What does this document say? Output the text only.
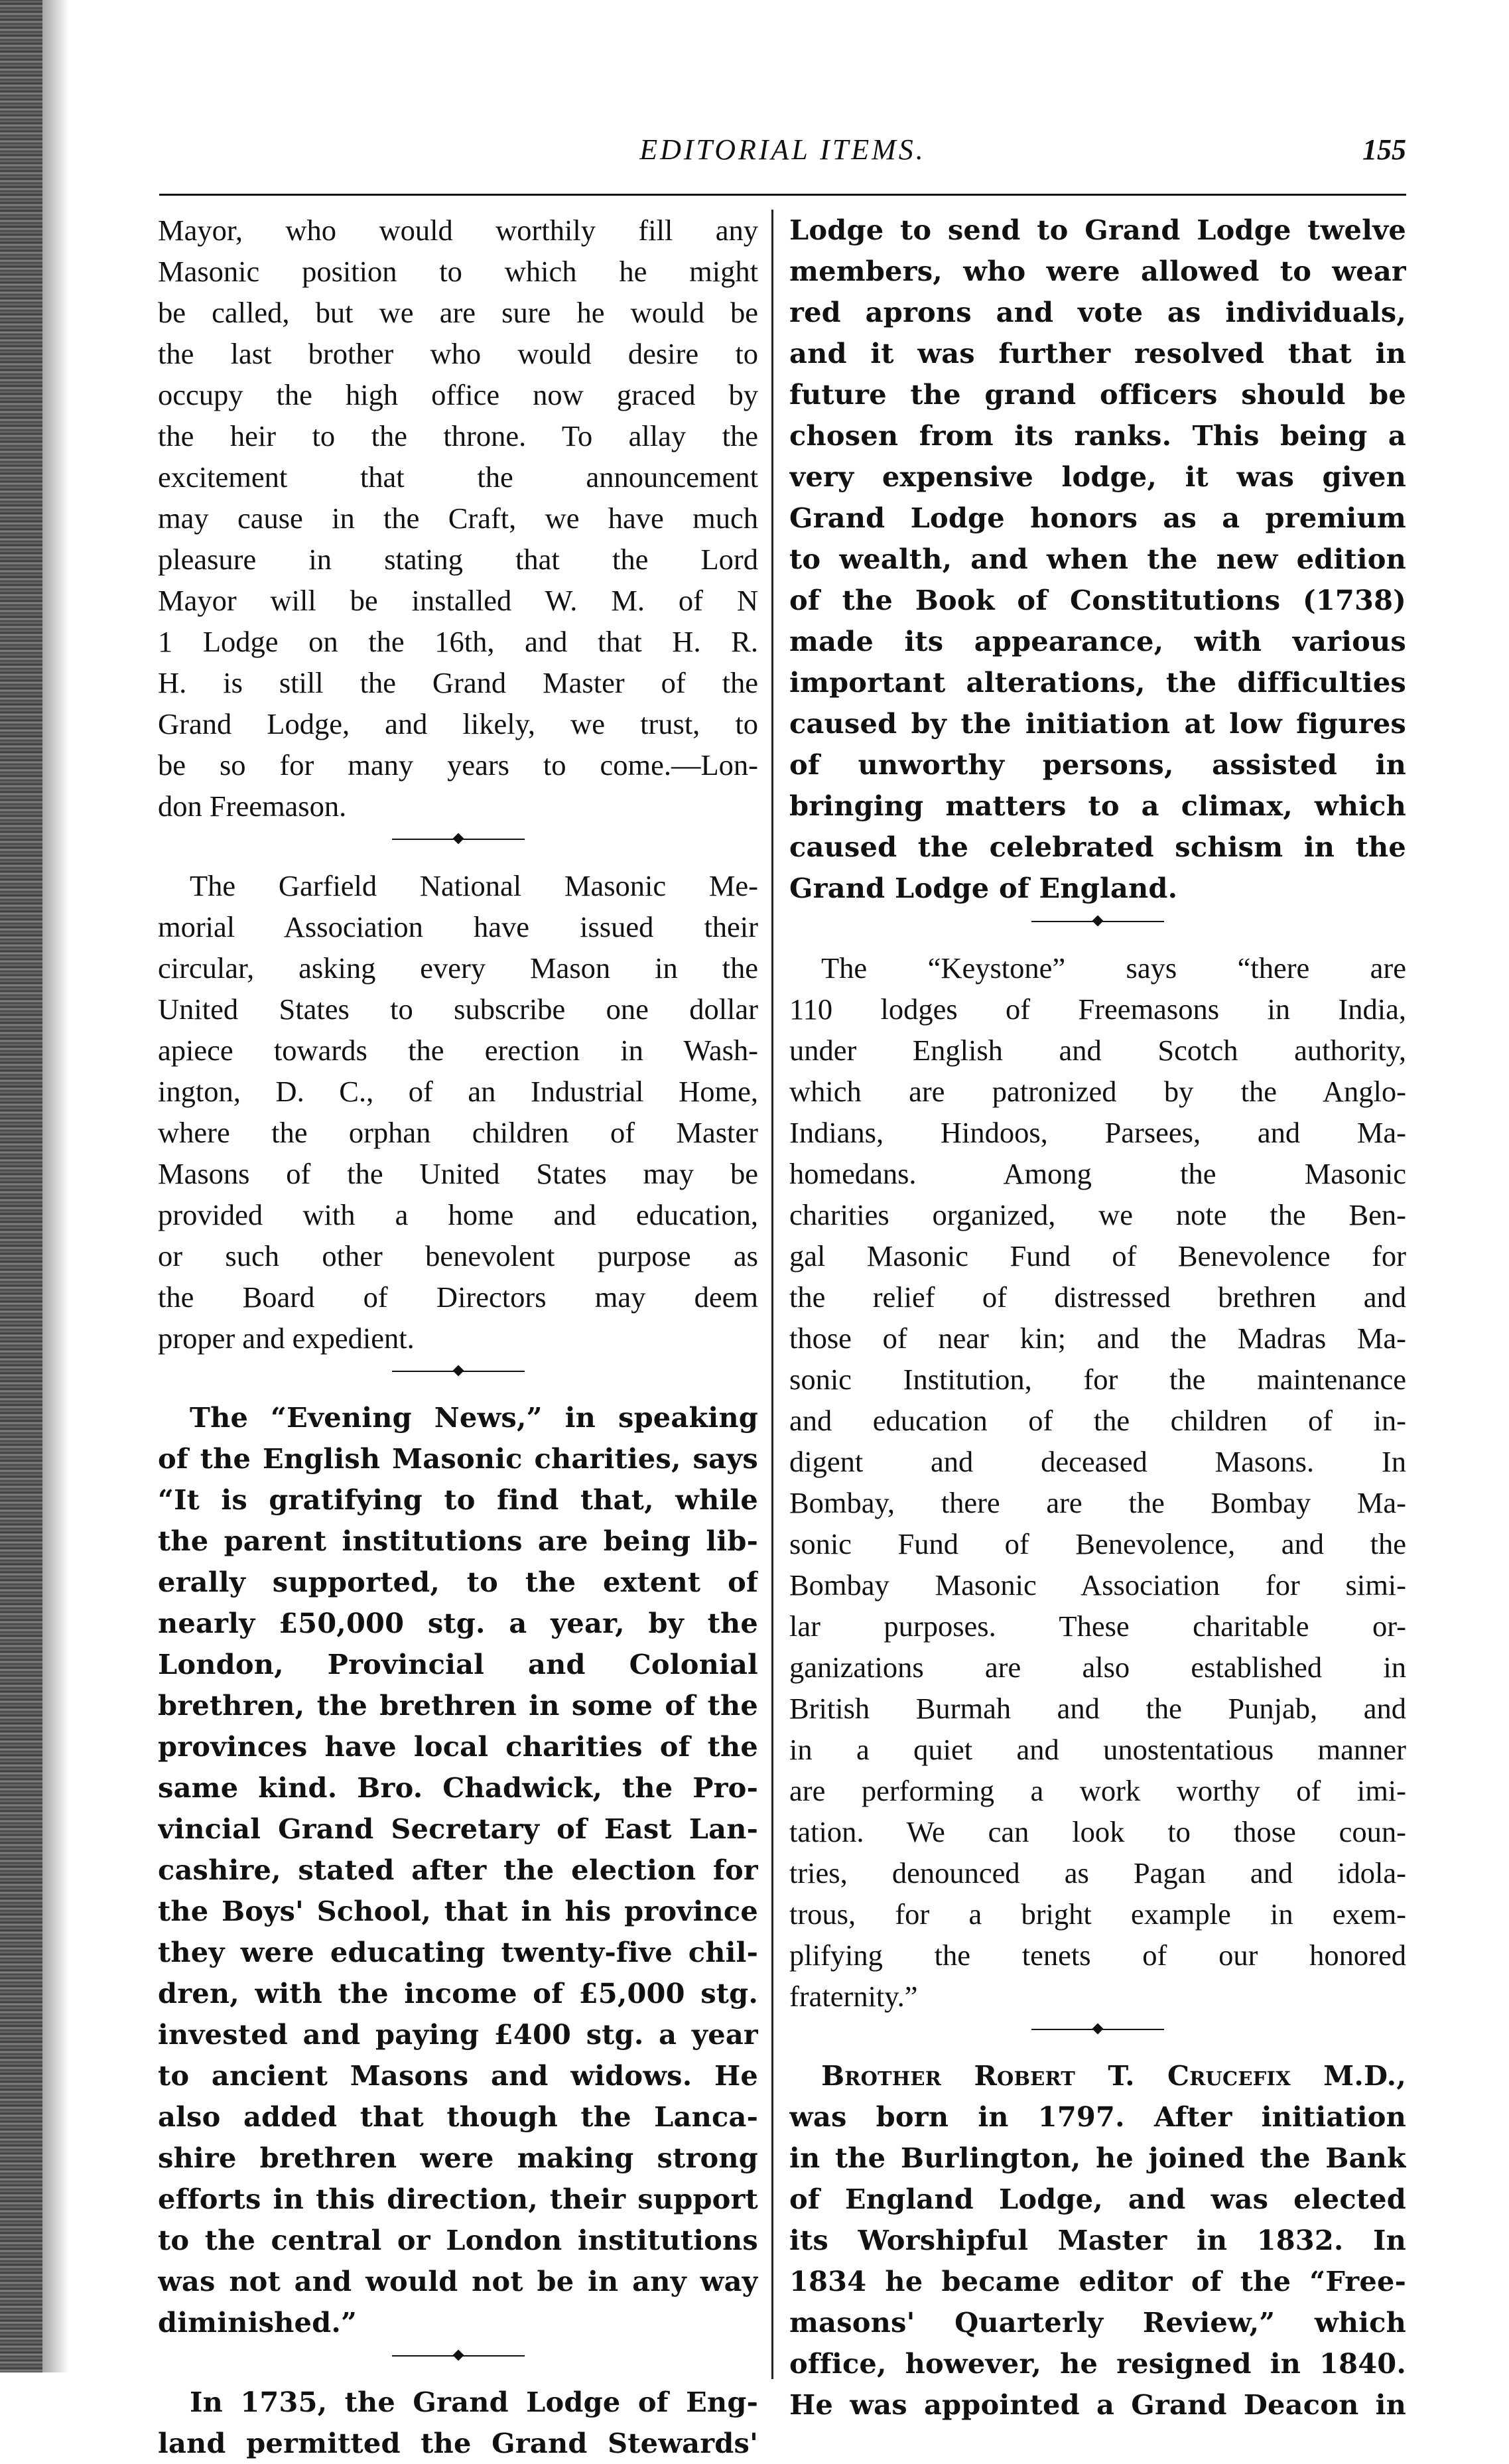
EDITORIAL ITEMS.	155

Mayor, who would worthily fill any
Masonic position to which he might
be called, but we are sure he would be
the last brother who would desire to
occupy the high office now graced by
the heir to the throne. To allay the
excitement that the announcement
may cause in the Craft, we have much
pleasure in stating that the Lord
Mayor will be installed W. M. of N
1 Lodge on the 16th, and that H. R.
H. is still the Grand Master of the
Grand Lodge, and likely, we trust, to
be so for many years to come.—Lon-
don Freemason.

The Garfield National Masonic Me-
morial Association have issued their
circular, asking every Mason in the
United States to subscribe one dollar
apiece towards the erection in Wash-
ington, D. C., of an Industrial Home,
where the orphan children of Master
Masons of the United States may be
provided with a home and education,
or such other benevolent purpose as
the Board of Directors may deem
proper and expedient.

The “Evening News,” in speaking
of the English Masonic charities, says
“It is gratifying to find that, while
the parent institutions are being lib-
erally supported, to the extent of
nearly £50,000 stg. a year, by the
London, Provincial and Colonial
brethren, the brethren in some of the
provinces have local charities of the
same kind. Bro. Chadwick, the Pro-
vincial Grand Secretary of East Lan-
cashire, stated after the election for
the Boys' School, that in his province
they were educating twenty-five chil-
dren, with the income of £5,000 stg.
invested and paying £400 stg. a year
to ancient Masons and widows. He
also added that though the Lanca-
shire brethren were making strong
efforts in this direction, their support
to the central or London institutions
was not and would not be in any way
diminished.”

In 1735, the Grand Lodge of Eng-
land permitted the Grand Stewards'

Lodge to send to Grand Lodge twelve
members, who were allowed to wear
red aprons and vote as individuals,
and it was further resolved that in
future the grand officers should be
chosen from its ranks. This being a
very expensive lodge, it was given
Grand Lodge honors as a premium
to wealth, and when the new edition
of the Book of Constitutions (1738)
made its appearance, with various
important alterations, the difficulties
caused by the initiation at low figures
of unworthy persons, assisted in
bringing matters to a climax, which
caused the celebrated schism in the
Grand Lodge of England.

The “Keystone” says “there are
110 lodges of Freemasons in India,
under English and Scotch authority,
which are patronized by the Anglo-
Indians, Hindoos, Parsees, and Ma-
homedans. Among the Masonic
charities organized, we note the Ben-
gal Masonic Fund of Benevolence for
the relief of distressed brethren and
those of near kin; and the Madras Ma-
sonic Institution, for the maintenance
and education of the children of in-
digent and deceased Masons. In
Bombay, there are the Bombay Ma-
sonic Fund of Benevolence, and the
Bombay Masonic Association for simi-
lar purposes. These charitable or-
ganizations are also established in
British Burmah and the Punjab, and
in a quiet and unostentatious manner
are performing a work worthy of imi-
tation. We can look to those coun-
tries, denounced as Pagan and idola-
trous, for a bright example in exem-
plifying the tenets of our honored
fraternity.”

Brother Robert T. Crucefix M.D.,
was born in 1797. After initiation
in the Burlington, he joined the Bank
of England Lodge, and was elected
its Worshipful Master in 1832. In
1834 he became editor of the “Free-
masons' Quarterly Review,” which
office, however, he resigned in 1840.
He was appointed a Grand Deacon in
